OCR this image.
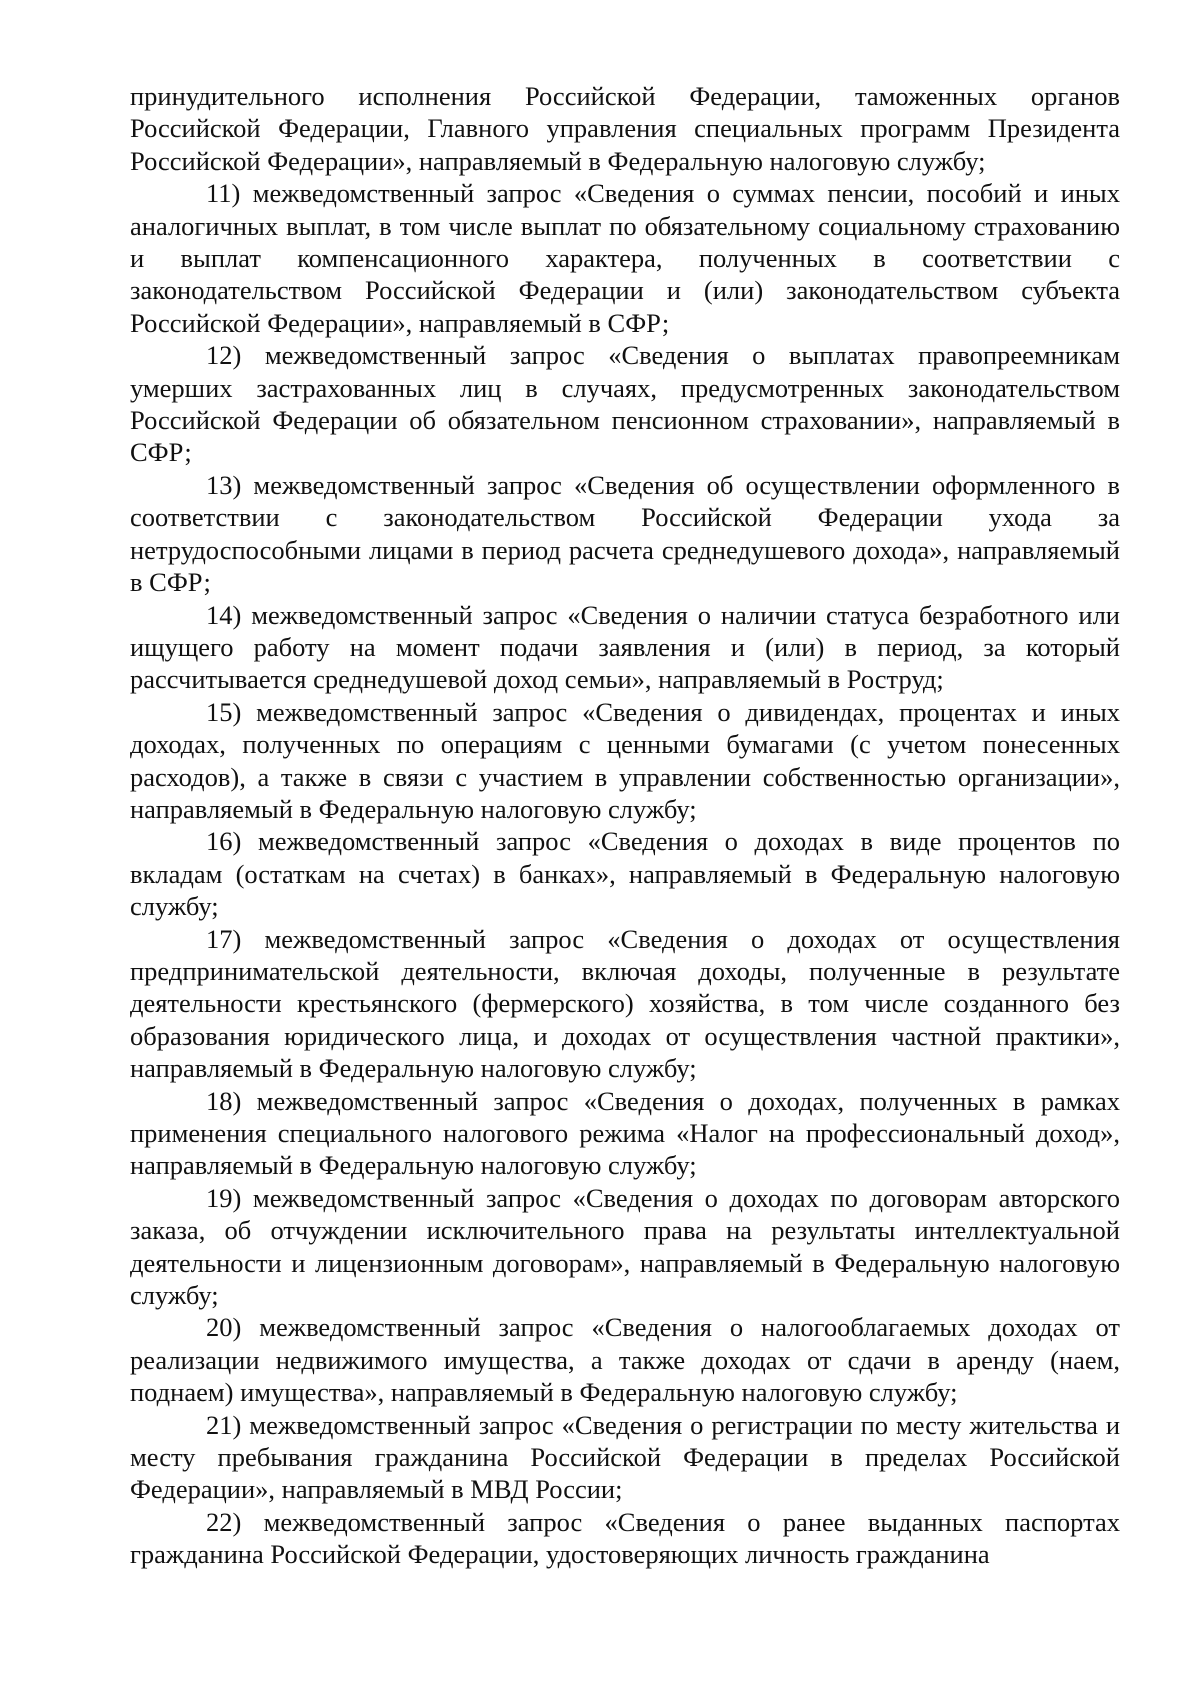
принудительного исполнения Российской Федерации, таможенных органов Российской Федерации, Главного управления специальных программ Президента Российской Федерации», направляемый в Федеральную налоговую службу;

11) межведомственный запрос «Сведения о суммах пенсии, пособий и иных аналогичных выплат, в том числе выплат по обязательному социальному страхованию и выплат компенсационного характера, полученных в соответствии с законодательством Российской Федерации и (или) законодательством субъекта Российской Федерации», направляемый в СФР;

12) межведомственный запрос «Сведения о выплатах правопреемникам умерших застрахованных лиц в случаях, предусмотренных законодательством Российской Федерации об обязательном пенсионном страховании», направляемый в СФР;

13) межведомственный запрос «Сведения об осуществлении оформленного в соответствии с законодательством Российской Федерации ухода за нетрудоспособными лицами в период расчета среднедушевого дохода», направляемый в СФР;

14) межведомственный запрос «Сведения о наличии статуса безработного или ищущего работу на момент подачи заявления и (или) в период, за который рассчитывается среднедушевой доход семьи», направляемый в Роструд;

15) межведомственный запрос «Сведения о дивидендах, процентах и иных доходах, полученных по операциям с ценными бумагами (с учетом понесенных расходов), а также в связи с участием в управлении собственностью организации», направляемый в Федеральную налоговую службу;

16) межведомственный запрос «Сведения о доходах в виде процентов по вкладам (остаткам на счетах) в банках», направляемый в Федеральную налоговую службу;

17) межведомственный запрос «Сведения о доходах от осуществления предпринимательской деятельности, включая доходы, полученные в результате деятельности крестьянского (фермерского) хозяйства, в том числе созданного без образования юридического лица, и доходах от осуществления частной практики», направляемый в Федеральную налоговую службу;

18) межведомственный запрос «Сведения о доходах, полученных в рамках применения специального налогового режима «Налог на профессиональный доход», направляемый в Федеральную налоговую службу;

19) межведомственный запрос «Сведения о доходах по договорам авторского заказа, об отчуждении исключительного права на результаты интеллектуальной деятельности и лицензионным договорам», направляемый в Федеральную налоговую службу;

20) межведомственный запрос «Сведения о налогооблагаемых доходах от реализации недвижимого имущества, а также доходах от сдачи в аренду (наем, поднаем) имущества», направляемый в Федеральную налоговую службу;

21) межведомственный запрос «Сведения о регистрации по месту жительства и месту пребывания гражданина Российской Федерации в пределах Российской Федерации», направляемый в МВД России;

22) межведомственный запрос «Сведения о ранее выданных паспортах гражданина Российской Федерации, удостоверяющих личность гражданина
